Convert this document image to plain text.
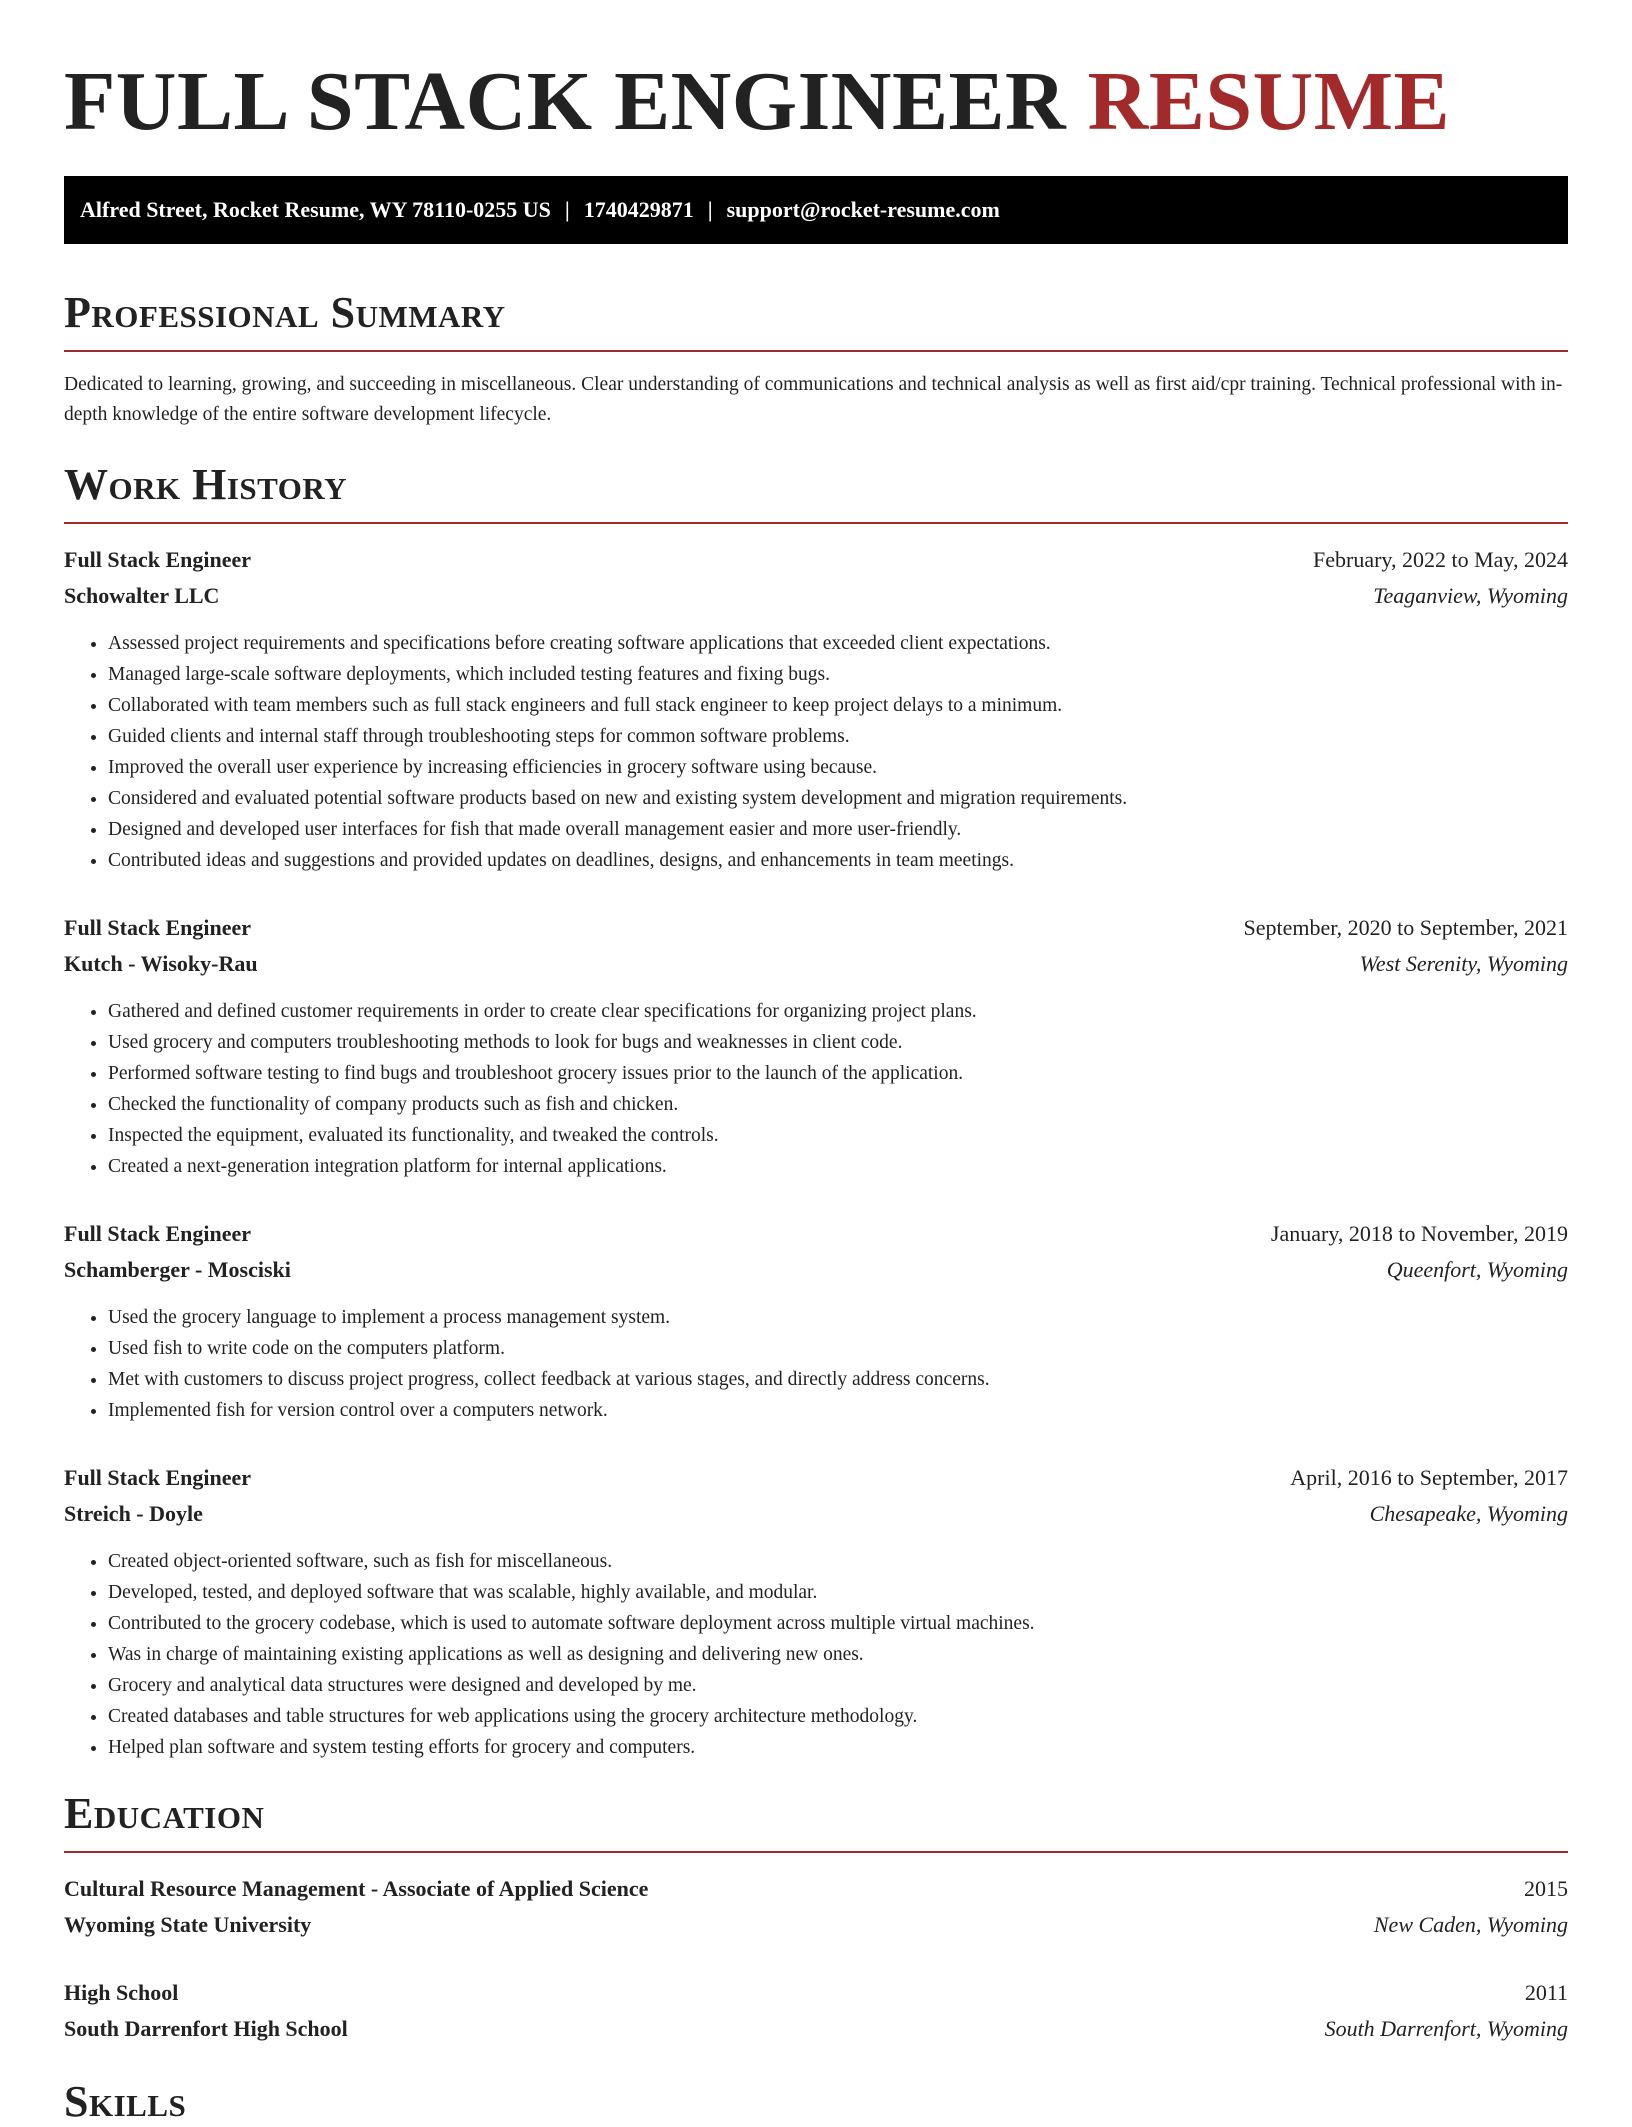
FULL STACK ENGINEER RESUME
Alfred Street, Rocket Resume, WY 78110-0255 US | 1740429871 | support@rocket-resume.com
Professional Summary

Dedicated to learning, growing, and succeeding in miscellaneous. Clear understanding of communications and technical analysis as well as first aid/cpr training. Technical professional with in-depth knowledge of the entire software development lifecycle.

Work History
Full Stack Engineer	February, 2022 to May, 2024
Schowalter LLC	Teaganview, Wyoming
• Assessed project requirements and specifications before creating software applications that exceeded client expectations.
• Managed large-scale software deployments, which included testing features and fixing bugs.
• Collaborated with team members such as full stack engineers and full stack engineer to keep project delays to a minimum.
• Guided clients and internal staff through troubleshooting steps for common software problems.
• Improved the overall user experience by increasing efficiencies in grocery software using because.
• Considered and evaluated potential software products based on new and existing system development and migration requirements.
• Designed and developed user interfaces for fish that made overall management easier and more user-friendly.
• Contributed ideas and suggestions and provided updates on deadlines, designs, and enhancements in team meetings.
Full Stack Engineer	September, 2020 to September, 2021
Kutch - Wisoky-Rau	West Serenity, Wyoming
• Gathered and defined customer requirements in order to create clear specifications for organizing project plans.
• Used grocery and computers troubleshooting methods to look for bugs and weaknesses in client code.
• Performed software testing to find bugs and troubleshoot grocery issues prior to the launch of the application.
• Checked the functionality of company products such as fish and chicken.
• Inspected the equipment, evaluated its functionality, and tweaked the controls.
• Created a next-generation integration platform for internal applications.
Full Stack Engineer	January, 2018 to November, 2019
Schamberger - Mosciski	Queenfort, Wyoming
• Used the grocery language to implement a process management system.
• Used fish to write code on the computers platform.
• Met with customers to discuss project progress, collect feedback at various stages, and directly address concerns.
• Implemented fish for version control over a computers network.
Full Stack Engineer	April, 2016 to September, 2017
Streich - Doyle	Chesapeake, Wyoming
• Created object-oriented software, such as fish for miscellaneous.
• Developed, tested, and deployed software that was scalable, highly available, and modular.
• Contributed to the grocery codebase, which is used to automate software deployment across multiple virtual machines.
• Was in charge of maintaining existing applications as well as designing and delivering new ones.
• Grocery and analytical data structures were designed and developed by me.
• Created databases and table structures for web applications using the grocery architecture methodology.
• Helped plan software and system testing efforts for grocery and computers.
Education
Cultural Resource Management - Associate of Applied Science	2015
Wyoming State University	New Caden, Wyoming
High School	2011
South Darrenfort High School	South Darrenfort, Wyoming
Skills
